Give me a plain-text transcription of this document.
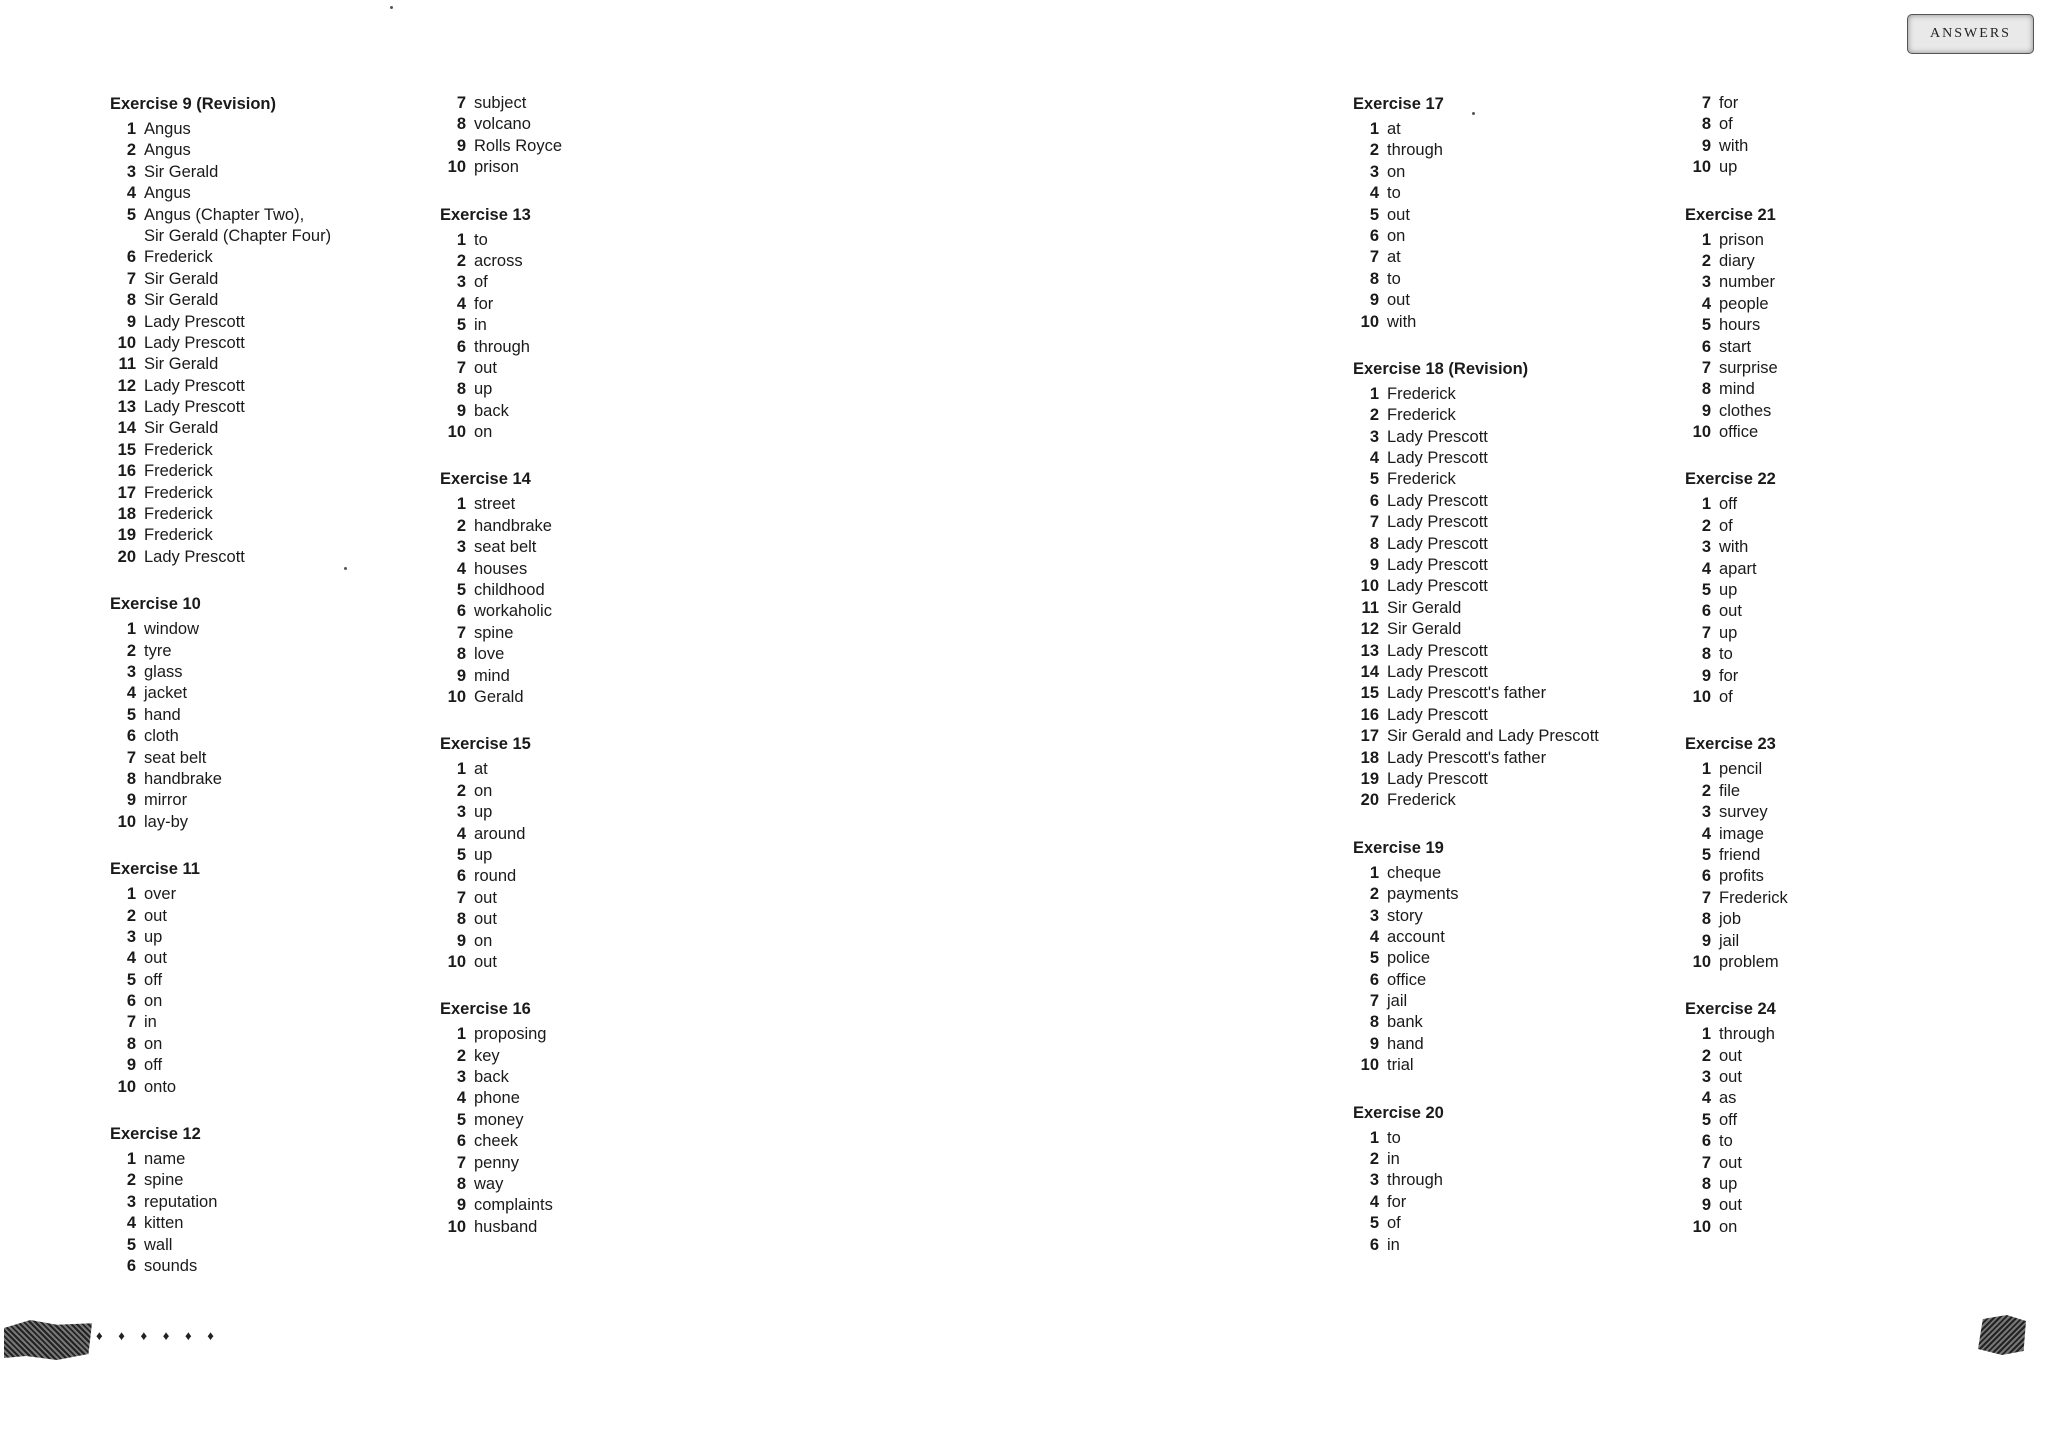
ANSWERS
Exercise 9 (Revision)
1 Angus
2 Angus
3 Sir Gerald
4 Angus
5 Angus (Chapter Two),
Sir Gerald (Chapter Four)
6 Frederick
7 Sir Gerald
8 Sir Gerald
9 Lady Prescott
10 Lady Prescott
11 Sir Gerald
12 Lady Prescott
13 Lady Prescott
14 Sir Gerald
15 Frederick
16 Frederick
17 Frederick
18 Frederick
19 Frederick
20 Lady Prescott
Exercise 10
1 window
2 tyre
3 glass
4 jacket
5 hand
6 cloth
7 seat belt
8 handbrake
9 mirror
10 lay-by
Exercise 11
1 over
2 out
3 up
4 out
5 off
6 on
7 in
8 on
9 off
10 onto
Exercise 12
1 name
2 spine
3 reputation
4 kitten
5 wall
6 sounds
7 subject
8 volcano
9 Rolls Royce
10 prison
Exercise 13
1 to
2 across
3 of
4 for
5 in
6 through
7 out
8 up
9 back
10 on
Exercise 14
1 street
2 handbrake
3 seat belt
4 houses
5 childhood
6 workaholic
7 spine
8 love
9 mind
10 Gerald
Exercise 15
1 at
2 on
3 up
4 around
5 up
6 round
7 out
8 out
9 on
10 out
Exercise 16
1 proposing
2 key
3 back
4 phone
5 money
6 cheek
7 penny
8 way
9 complaints
10 husband
Exercise 17
1 at
2 through
3 on
4 to
5 out
6 on
7 at
8 to
9 out
10 with
Exercise 18 (Revision)
1 Frederick
2 Frederick
3 Lady Prescott
4 Lady Prescott
5 Frederick
6 Lady Prescott
7 Lady Prescott
8 Lady Prescott
9 Lady Prescott
10 Lady Prescott
11 Sir Gerald
12 Sir Gerald
13 Lady Prescott
14 Lady Prescott
15 Lady Prescott's father
16 Lady Prescott
17 Sir Gerald and Lady Prescott
18 Lady Prescott's father
19 Lady Prescott
20 Frederick
Exercise 19
1 cheque
2 payments
3 story
4 account
5 police
6 office
7 jail
8 bank
9 hand
10 trial
Exercise 20
1 to
2 in
3 through
4 for
5 of
6 in
7 for
8 of
9 with
10 up
Exercise 21
1 prison
2 diary
3 number
4 people
5 hours
6 start
7 surprise
8 mind
9 clothes
10 office
Exercise 22
1 off
2 of
3 with
4 apart
5 up
6 out
7 up
8 to
9 for
10 of
Exercise 23
1 pencil
2 file
3 survey
4 image
5 friend
6 profits
7 Frederick
8 job
9 jail
10 problem
Exercise 24
1 through
2 out
3 out
4 as
5 off
6 to
7 out
8 up
9 out
10 on
♦ ♦ ♦ ♦ ♦ ♦
